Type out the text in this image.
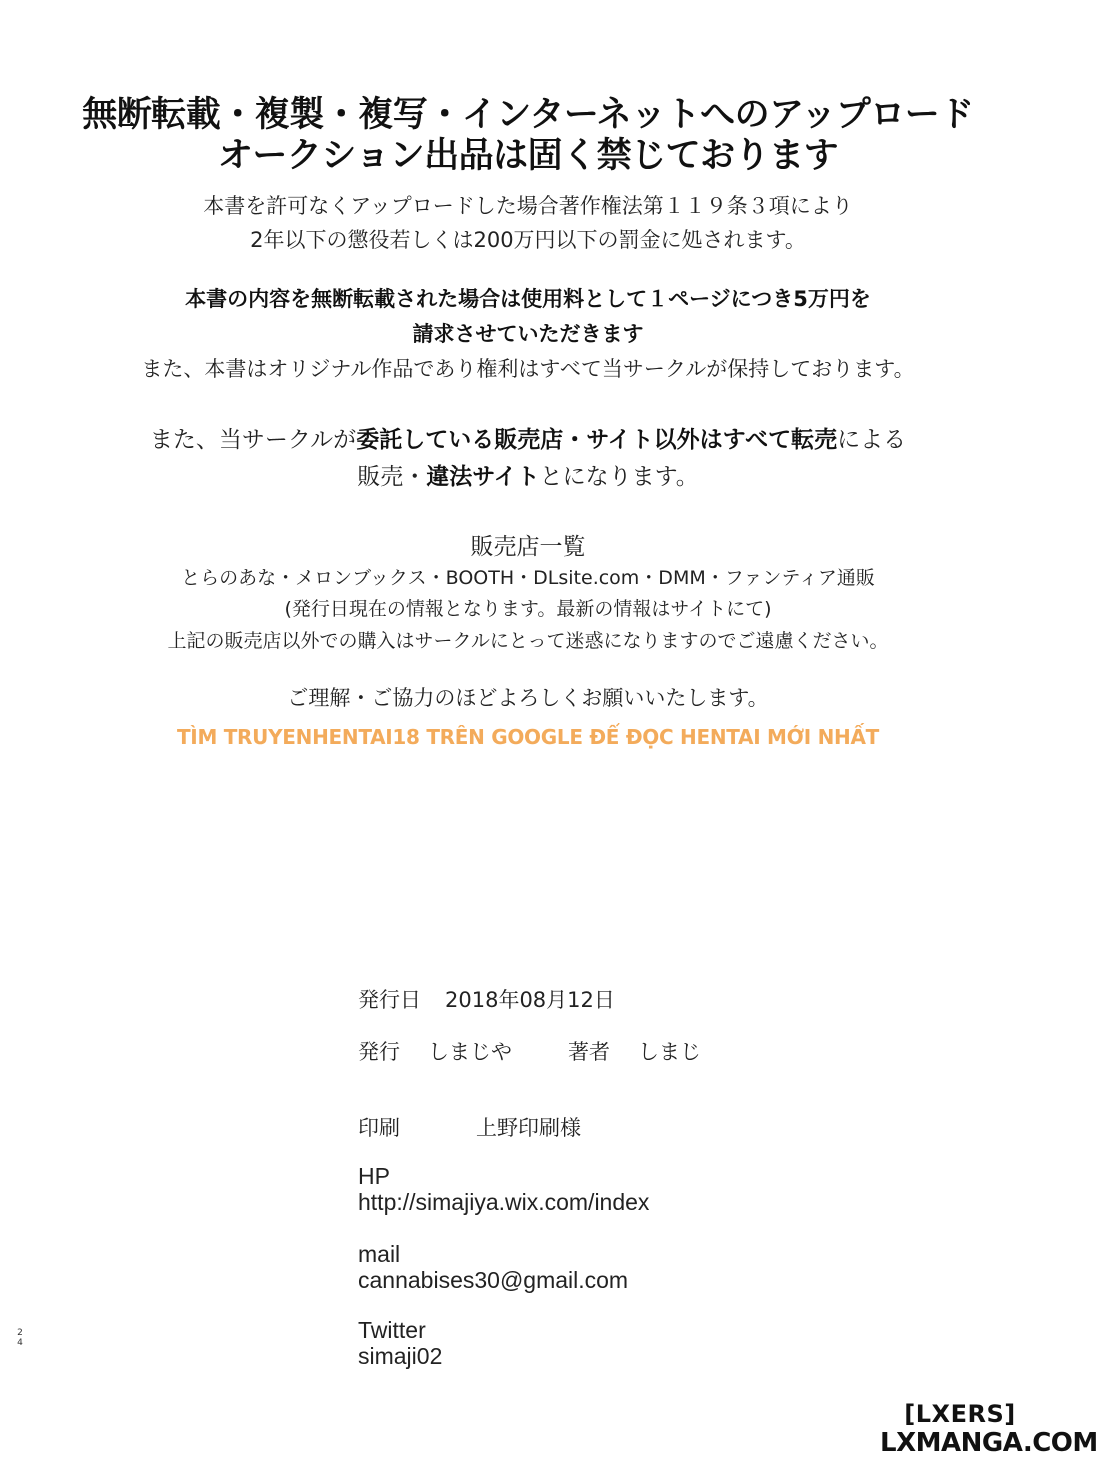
無断転載・複製・複写・インターネットへのアップロード
オークション出品は固く禁じております
本書を許可なくアップロードした場合著作権法第１１９条３項により
2年以下の懲役若しくは200万円以下の罰金に処されます。
本書の内容を無断転載された場合は使用料として１ページにつき5万円を
請求させていただきます
また、本書はオリジナル作品であり権利はすべて当サークルが保持しております。
また、当サークルが委託している販売店・サイト以外はすべて転売による
販売・違法サイトとになります。
販売店一覧
とらのあな・メロンブックス・BOOTH・DLsite.com・DMM・ファンティア通販
(発行日現在の情報となります。最新の情報はサイトにて)
上記の販売店以外での購入はサークルにとって迷惑になりますのでご遠慮ください。
ご理解・ご協力のほどよろしくお願いいたします。
TÌM TRUYENHENTAI18 TRÊN GOOGLE ĐỂ ĐỌC HENTAI MỚI NHẤT
発行日 2018年08月12日
発行 しまじや	著者 しまじ
印刷	上野印刷様
HP
http://simajiya.wix.com/index
mail
cannabises30@gmail.com
Twitter
simaji02
2
4
[LXERS]
LXMANGA.COM
